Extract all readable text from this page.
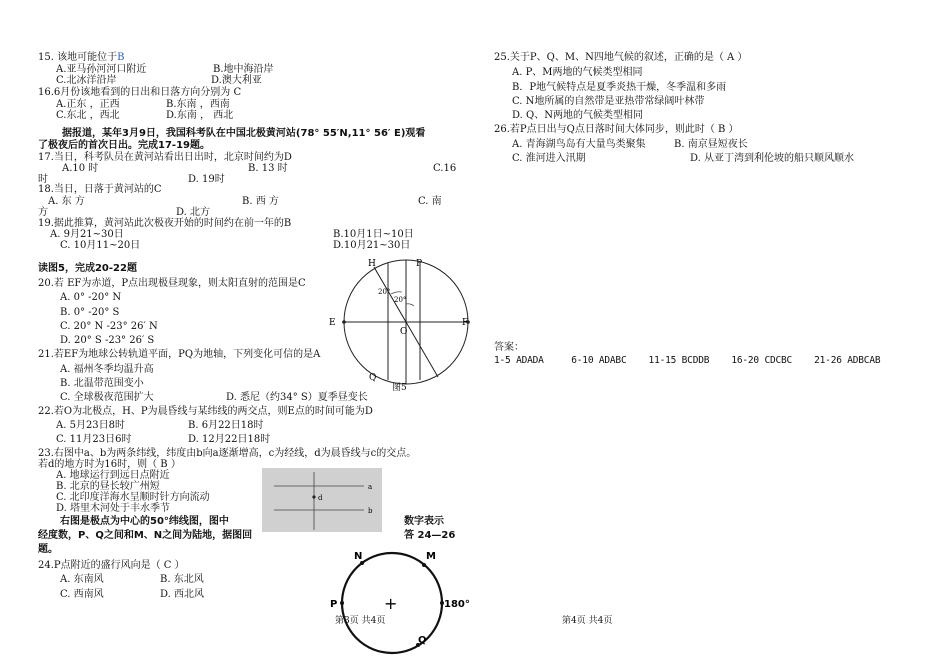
15. 该地可能位于B
A.亚马孙河河口附近	B.地中海沿岸
C.北冰洋沿岸	D.澳大利亚
16.6月份该地看到的日出和日落方向分别为 C
A.正东 ，正西	B.东南 ，西南
C.东北 ，西北	D.东南 ， 西北
据报道，某年3月9日，我国科考队在中国北极黄河站(78° 55′N,11° 56′ E)观看
了极夜后的首次日出。完成17-19题。
17.当日，科考队员在黄河站看出日出时，北京时间约为D
A.10 时	B. 13 时	C.16
时	D. 19时
18.当日，日落于黄河站的C
A. 东 方	B. 西 方	C. 南
方	D. 北方
19.据此推算，黄河站此次极夜开始的时间约在前一年的B
A. 9月21~30日	B.10月1日~10日
C. 10月11~20日	D.10月21~30日
读图5，完成20-22题
20.若 EF为赤道，P点出现极昼现象，则太阳直射的范围是C
A. 0° -20° N
B. 0° -20° S
C. 20° N -23° 26′ N
D. 20° S -23° 26′ S
21.若EF为地球公转轨道平面，PQ为地轴，下列变化可信的是A
A. 福州冬季均温升高
B. 北温带范围变小
C. 全球极夜范围扩大	D. 悉尼（约34° S）夏季昼变长
22.若O为北极点，H、P为晨昏线与某纬线的两交点，则E点的时间可能为D
A. 5月23日8时	B. 6月22日18时
C. 11月23日6时	D. 12月22日18时
23.右图中a、b为两条纬线，纬度由b向a逐渐增高，c为经线，d为晨昏线与c的交点。
若d的地方时为16时，则（ B ）
A. 地球运行到远日点附近
B. 北京的昼长较广州短
C. 北印度洋海水呈顺时针方向流动
D. 塔里木河处于丰水季节
右图是极点为中心的50°纬线图，图中	数字表示
经度数，P、Q之间和M、N之间为陆地，据图回	答 24—26
题。
24.P点附近的盛行风向是（ C ）
A. 东南风	B. 东北风
C. 西南风	D. 西北风
第3页 共4页
H	P
E	F
O
Q
20°
20°
图5
a
b
d
+
N	M
P	180°
Q
25.关于P、Q、M、N四地气候的叙述，正确的是（ A ）
A. P、M两地的气候类型相同
B．P地气候特点是夏季炎热干燥，冬季温和多雨
C. N地所属的自然带是亚热带常绿阔叶林带
D. Q、N两地的气候类型相同
26.若P点日出与Q点日落时间大体同步，则此时（ B ）
A. 青海湖鸟岛有大量鸟类聚集	B. 南京昼短夜长
C. 淮河进入汛期	D. 从亚丁湾到利伦坡的船只顺风顺水
答案：
1-5 ADADA     6-10 ADABC    11-15 BCDDB    16-20 CDCBC    21-26 ADBCAB
第4页 共4页
